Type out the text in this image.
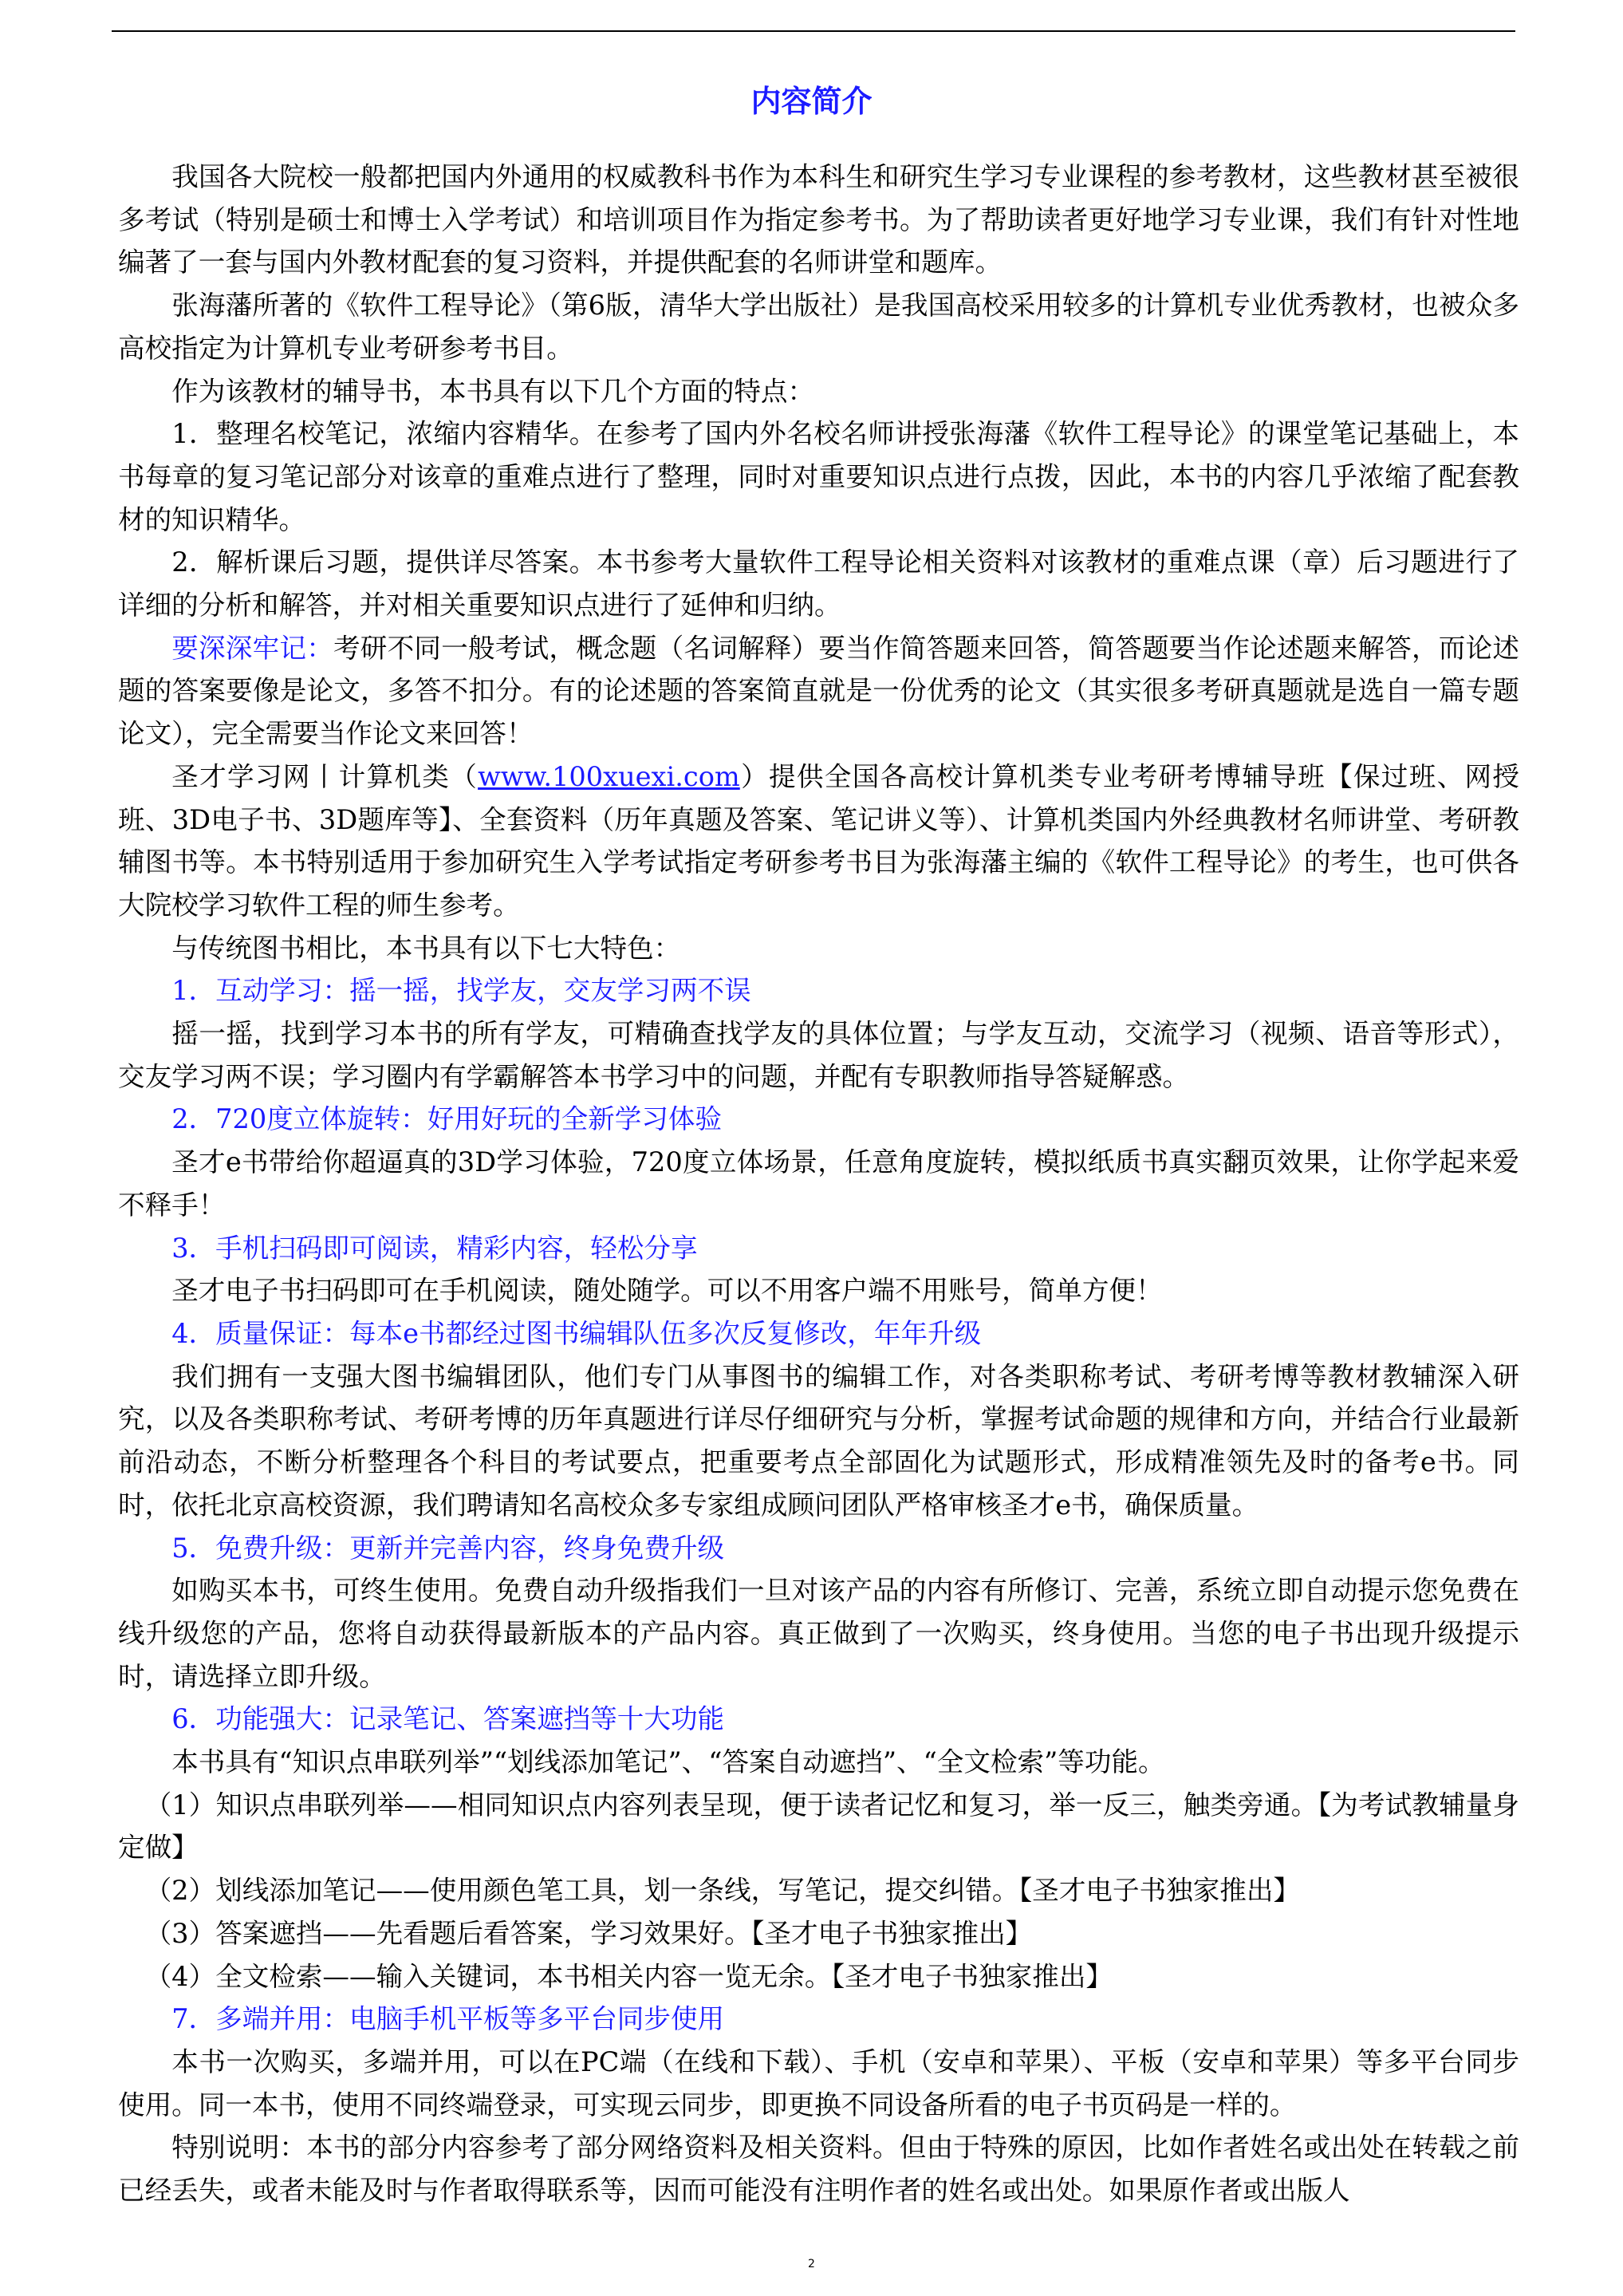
内容简介

我国各大院校一般都把国内外通用的权威教科书作为本科生和研究生学习专业课程的参考教材，这些教材甚至被很多考试（特别是硕士和博士入学考试）和培训项目作为指定参考书。为了帮助读者更好地学习专业课，我们有针对性地编著了一套与国内外教材配套的复习资料，并提供配套的名师讲堂和题库。

张海藩所著的《软件工程导论》（第6版，清华大学出版社）是我国高校采用较多的计算机专业优秀教材，也被众多高校指定为计算机专业考研参考书目。

作为该教材的辅导书，本书具有以下几个方面的特点：

1．整理名校笔记，浓缩内容精华。在参考了国内外名校名师讲授张海藩《软件工程导论》的课堂笔记基础上，本书每章的复习笔记部分对该章的重难点进行了整理，同时对重要知识点进行点拨，因此，本书的内容几乎浓缩了配套教材的知识精华。

2．解析课后习题，提供详尽答案。本书参考大量软件工程导论相关资料对该教材的重难点课（章）后习题进行了详细的分析和解答，并对相关重要知识点进行了延伸和归纳。

要深深牢记：考研不同一般考试，概念题（名词解释）要当作简答题来回答，简答题要当作论述题来解答，而论述题的答案要像是论文，多答不扣分。有的论述题的答案简直就是一份优秀的论文（其实很多考研真题就是选自一篇专题论文），完全需要当作论文来回答！

圣才学习网丨计算机类（www.100xuexi.com）提供全国各高校计算机类专业考研考博辅导班【保过班、网授班、3D电子书、3D题库等】、全套资料（历年真题及答案、笔记讲义等）、计算机类国内外经典教材名师讲堂、考研教辅图书等。本书特别适用于参加研究生入学考试指定考研参考书目为张海藩主编的《软件工程导论》的考生，也可供各大院校学习软件工程的师生参考。

与传统图书相比，本书具有以下七大特色：

1．互动学习：摇一摇，找学友，交友学习两不误

摇一摇，找到学习本书的所有学友，可精确查找学友的具体位置；与学友互动，交流学习（视频、语音等形式），交友学习两不误；学习圈内有学霸解答本书学习中的问题，并配有专职教师指导答疑解惑。

2．720度立体旋转：好用好玩的全新学习体验

圣才e书带给你超逼真的3D学习体验，720度立体场景，任意角度旋转，模拟纸质书真实翻页效果，让你学起来爱不释手！

3．手机扫码即可阅读，精彩内容，轻松分享

圣才电子书扫码即可在手机阅读，随处随学。可以不用客户端不用账号，简单方便！

4．质量保证：每本e书都经过图书编辑队伍多次反复修改，年年升级

我们拥有一支强大图书编辑团队，他们专门从事图书的编辑工作，对各类职称考试、考研考博等教材教辅深入研究，以及各类职称考试、考研考博的历年真题进行详尽仔细研究与分析，掌握考试命题的规律和方向，并结合行业最新前沿动态，不断分析整理各个科目的考试要点，把重要考点全部固化为试题形式，形成精准领先及时的备考e书。同时，依托北京高校资源，我们聘请知名高校众多专家组成顾问团队严格审核圣才e书，确保质量。

5．免费升级：更新并完善内容，终身免费升级

如购买本书，可终生使用。免费自动升级指我们一旦对该产品的内容有所修订、完善，系统立即自动提示您免费在线升级您的产品，您将自动获得最新版本的产品内容。真正做到了一次购买，终身使用。当您的电子书出现升级提示时，请选择立即升级。

6．功能强大：记录笔记、答案遮挡等十大功能

本书具有“知识点串联列举”“划线添加笔记”、“答案自动遮挡”、“全文检索”等功能。

（1）知识点串联列举——相同知识点内容列表呈现，便于读者记忆和复习，举一反三，触类旁通。【为考试教辅量身定做】

（2）划线添加笔记——使用颜色笔工具，划一条线，写笔记，提交纠错。【圣才电子书独家推出】

（3）答案遮挡——先看题后看答案，学习效果好。【圣才电子书独家推出】

（4）全文检索——输入关键词，本书相关内容一览无余。【圣才电子书独家推出】

7．多端并用：电脑手机平板等多平台同步使用

本书一次购买，多端并用，可以在PC端（在线和下载）、手机（安卓和苹果）、平板（安卓和苹果）等多平台同步使用。同一本书，使用不同终端登录，可实现云同步，即更换不同设备所看的电子书页码是一样的。

特别说明：本书的部分内容参考了部分网络资料及相关资料。但由于特殊的原因，比如作者姓名或出处在转载之前已经丢失，或者未能及时与作者取得联系等，因而可能没有注明作者的姓名或出处。如果原作者或出版人

2
